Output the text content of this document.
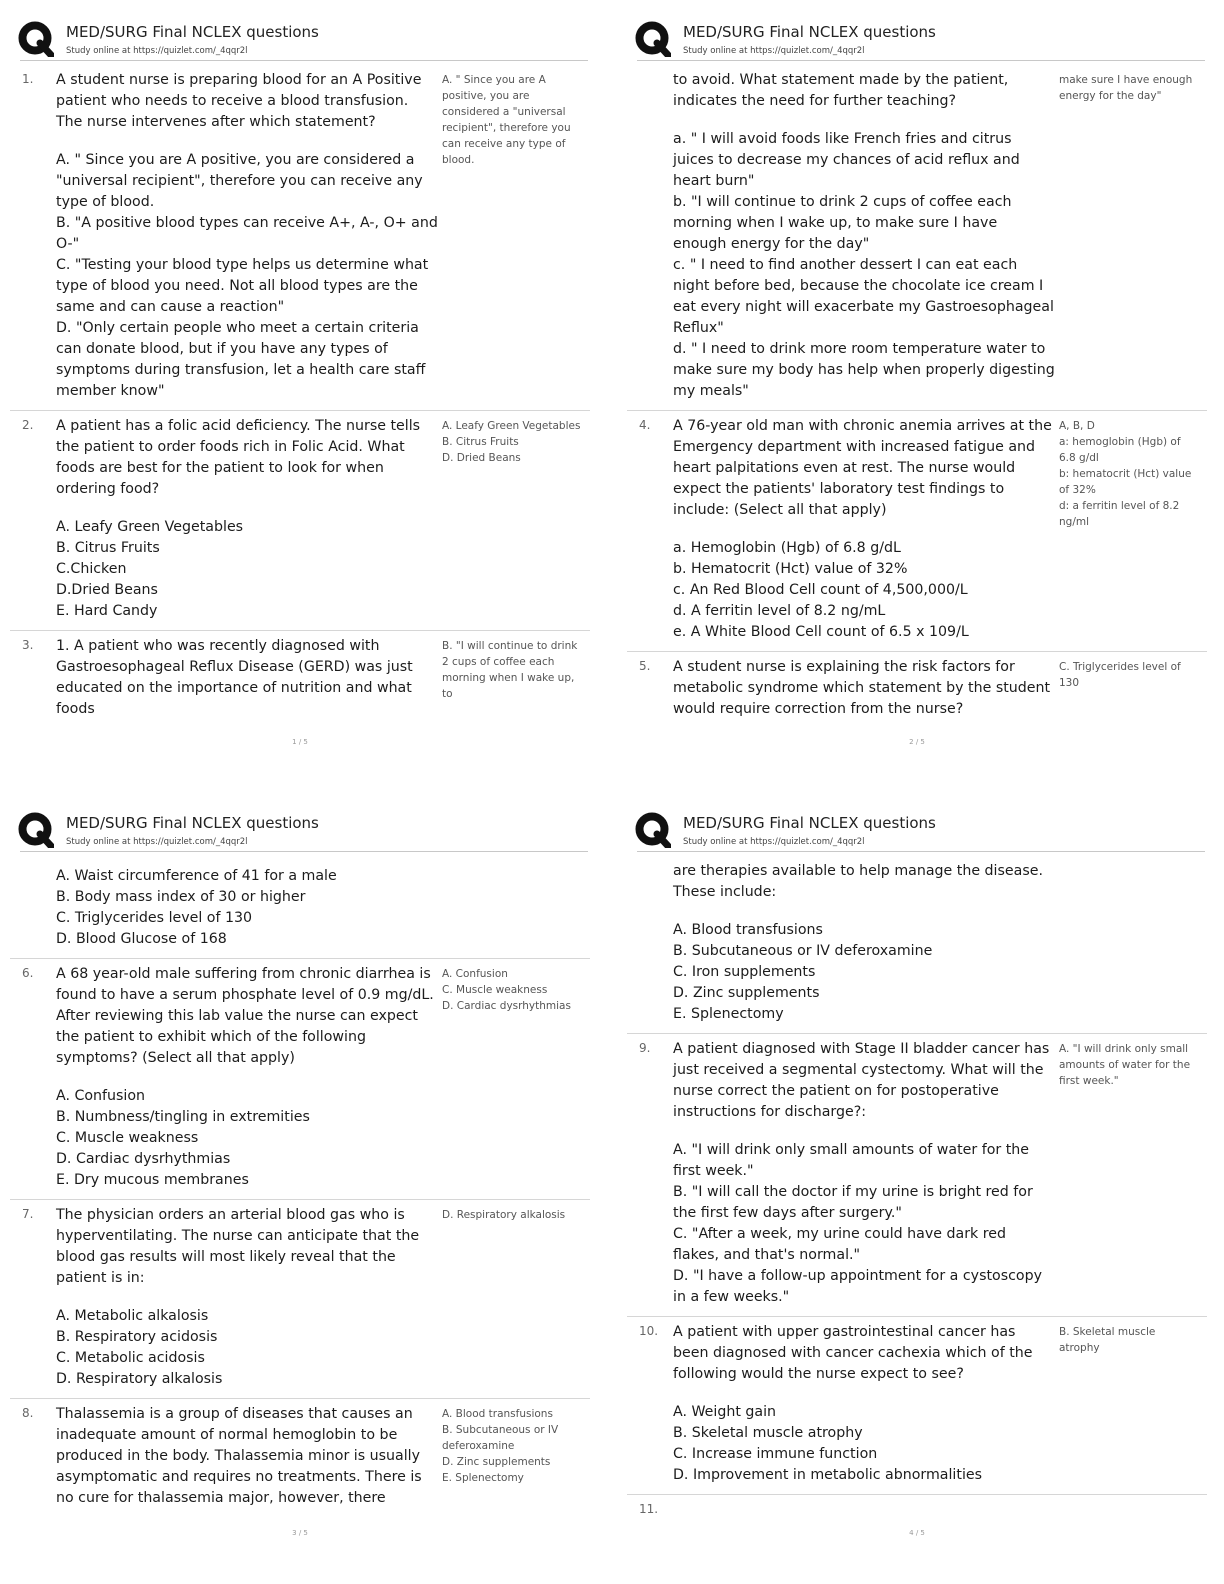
MED/SURG Final NCLEX questions
Study online at https://quizlet.com/_4qqr2l
1.	A student nurse is preparing blood for an A Positive patient who needs to receive a blood transfusion. The nurse intervenes after which statement?

A. " Since you are A positive, you are considered a "universal recipient", therefore you can receive any type of blood.

B. "A positive blood types can receive A+, A-, O+ and O-"

C. "Testing your blood type helps us determine what type of blood you need. Not all blood types are the same and can cause a reaction"

D. "Only certain people who meet a certain criteria can donate blood, but if you have any types of symptoms during transfusion, let a health care staff member know"

A. " Since you are A positive, you are considered a "universal recipient", therefore you can receive any type of blood.
2.	A patient has a folic acid deficiency. The nurse tells the patient to order foods rich in Folic Acid. What foods are best for the patient to look for when ordering food?

A. Leafy Green Vegetables

B. Citrus Fruits

C.Chicken

D.Dried Beans

E. Hard Candy

A. Leafy Green Vegetables
B. Citrus Fruits
D. Dried Beans
3.	1. A patient who was recently diagnosed with Gastroesophageal Reflux Disease (GERD) was just educated on the importance of nutrition and what foods

B. "I will continue to drink 2 cups of coffee each morning when I wake up, to
1 / 5
MED/SURG Final NCLEX questions
Study online at https://quizlet.com/_4qqr2l

to avoid. What statement made by the patient, indicates the need for further teaching?

a. " I will avoid foods like French fries and citrus juices to decrease my chances of acid reflux and heart burn"

b. "I will continue to drink 2 cups of coffee each morning when I wake up, to make sure I have enough energy for the day"

c. " I need to find another dessert I can eat each night before bed, because the chocolate ice cream I eat every night will exacerbate my Gastroesophageal Reflux"

d. " I need to drink more room temperature water to make sure my body has help when properly digesting my meals"

make sure I have enough energy for the day"
4.	A 76-year old man with chronic anemia arrives at the Emergency department with increased fatigue and heart palpitations even at rest. The nurse would expect the patients' laboratory test findings to include: (Select all that apply)

a. Hemoglobin (Hgb) of 6.8 g/dL

b. Hematocrit (Hct) value of 32%

c. An Red Blood Cell count of 4,500,000/L

d. A ferritin level of 8.2 ng/mL

e. A White Blood Cell count of 6.5 x 109/L

A, B, D
a: hemoglobin (Hgb) of 6.8 g/dl
b: hematocrit (Hct) value of 32%
d: a ferritin level of 8.2 ng/ml
5.	A student nurse is explaining the risk factors for metabolic syndrome which statement by the student would require correction from the nurse?

C. Triglycerides level of 130
2 / 5
MED/SURG Final NCLEX questions
Study online at https://quizlet.com/_4qqr2l

A. Waist circumference of 41 for a male

B. Body mass index of 30 or higher

C. Triglycerides level of 130

D. Blood Glucose of 168

6.	A 68 year-old male suffering from chronic diarrhea is found to have a serum phosphate level of 0.9 mg/dL. After reviewing this lab value the nurse can expect the patient to exhibit which of the following symptoms? (Select all that apply)

A. Confusion

B. Numbness/tingling in extremities

C. Muscle weakness

D. Cardiac dysrhythmias

E. Dry mucous membranes

A. Confusion
C. Muscle weakness
D. Cardiac dysrhythmias
7.	The physician orders an arterial blood gas who is hyperventilating. The nurse can anticipate that the blood gas results will most likely reveal that the patient is in:

A. Metabolic alkalosis

B. Respiratory acidosis

C. Metabolic acidosis

D. Respiratory alkalosis

D. Respiratory alkalosis
8.	Thalassemia is a group of diseases that causes an inadequate amount of normal hemoglobin to be produced in the body. Thalassemia minor is usually asymptomatic and requires no treatments. There is no cure for thalassemia major, however, there

A. Blood transfusions
B. Subcutaneous or IV deferoxamine
D. Zinc supplements
E. Splenectomy
3 / 5
MED/SURG Final NCLEX questions
Study online at https://quizlet.com/_4qqr2l

are therapies available to help manage the disease. These include:

A. Blood transfusions

B. Subcutaneous or IV deferoxamine

C. Iron supplements

D. Zinc supplements

E. Splenectomy

9.	A patient diagnosed with Stage II bladder cancer has just received a segmental cystectomy. What will the nurse correct the patient on for postoperative instructions for discharge?:

A. "I will drink only small amounts of water for the first week."

B. "I will call the doctor if my urine is bright red for the first few days after surgery."

C. "After a week, my urine could have dark red flakes, and that's normal."

D. "I have a follow-up appointment for a cystoscopy in a few weeks."

A. "I will drink only small amounts of water for the first week."
10.	A patient with upper gastrointestinal cancer has been diagnosed with cancer cachexia which of the following would the nurse expect to see?

A. Weight gain

B. Skeletal muscle atrophy

C. Increase immune function

D. Improvement in metabolic abnormalities

B. Skeletal muscle atrophy
11.
4 / 5
